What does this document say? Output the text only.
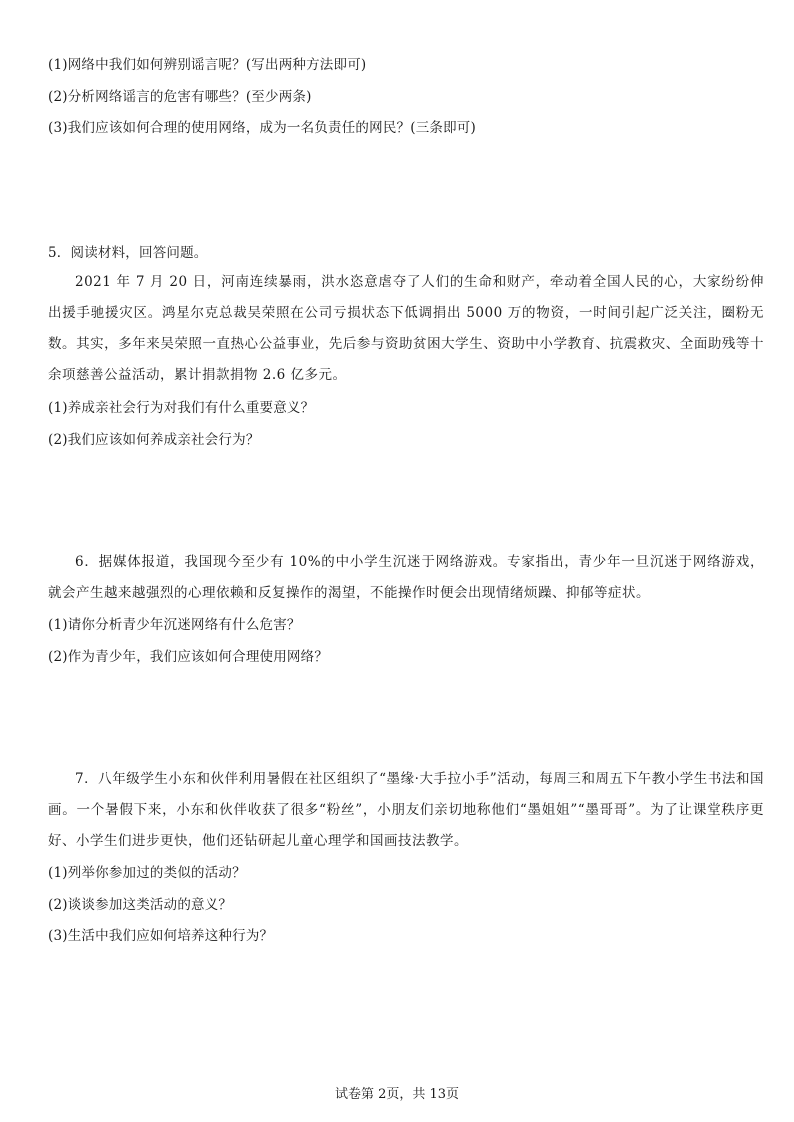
(1)网络中我们如何辨别谣言呢？(写出两种方法即可)
(2)分析网络谣言的危害有哪些？(至少两条)
(3)我们应该如何合理的使用网络，成为一名负责任的网民？(三条即可)
5．阅读材料，回答问题。
2021 年 7 月 20 日，河南连续暴雨，洪水恣意虐夺了人们的生命和财产，牵动着全国人民的心，大家纷纷伸出援手驰援灾区。鸿星尔克总裁吴荣照在公司亏损状态下低调捐出 5000 万的物资，一时间引起广泛关注，圈粉无数。其实，多年来吴荣照一直热心公益事业，先后参与资助贫困大学生、资助中小学教育、抗震救灾、全面助残等十余项慈善公益活动，累计捐款捐物 2.6 亿多元。
(1)养成亲社会行为对我们有什么重要意义？
(2)我们应该如何养成亲社会行为？
6．据媒体报道，我国现今至少有 10%的中小学生沉迷于网络游戏。专家指出，青少年一旦沉迷于网络游戏，就会产生越来越强烈的心理依赖和反复操作的渴望，不能操作时便会出现情绪烦躁、抑郁等症状。
(1)请你分析青少年沉迷网络有什么危害？
(2)作为青少年，我们应该如何合理使用网络？
7．八年级学生小东和伙伴利用暑假在社区组织了“墨缘·大手拉小手”活动，每周三和周五下午教小学生书法和国画。一个暑假下来，小东和伙伴收获了很多“粉丝”，小朋友们亲切地称他们“墨姐姐”“墨哥哥”。为了让课堂秩序更好、小学生们进步更快，他们还钻研起儿童心理学和国画技法教学。
(1)列举你参加过的类似的活动？
(2)谈谈参加这类活动的意义？
(3)生活中我们应如何培养这种行为？
试卷第 2页，共 13页
